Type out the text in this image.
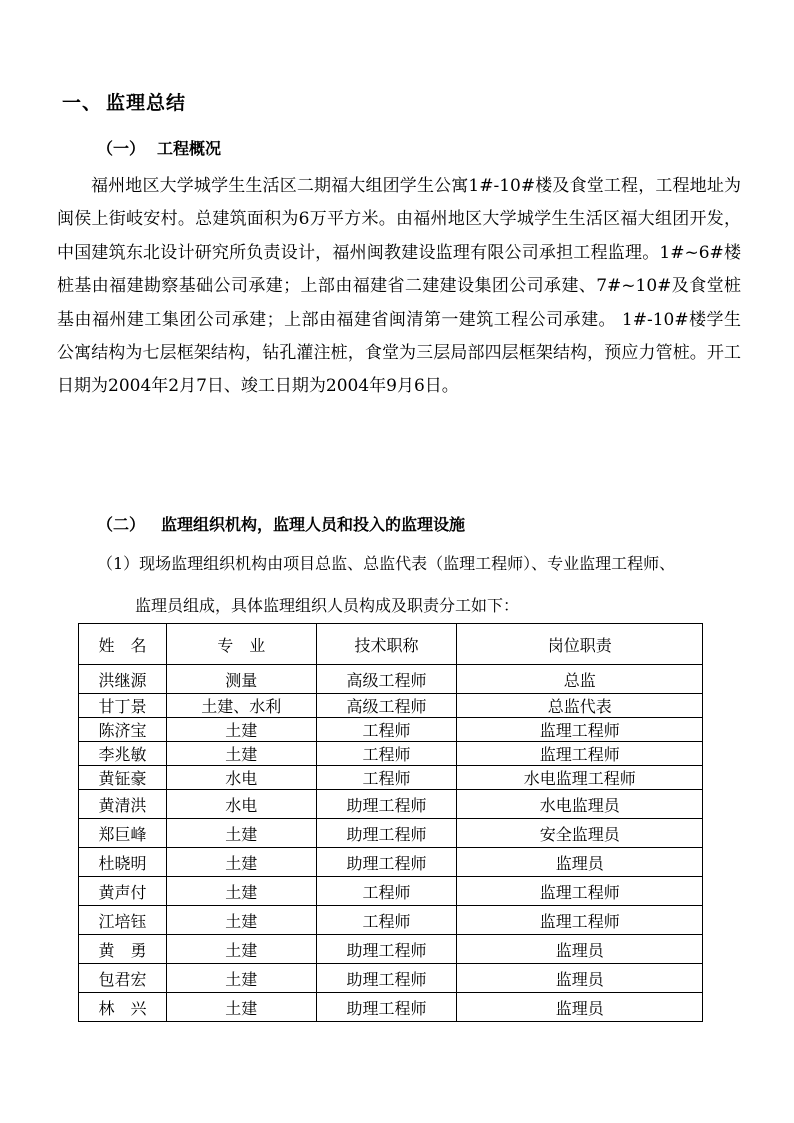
一、 监理总结
（一） 工程概况

福州地区大学城学生生活区二期福大组团学生公寓1#-10#楼及食堂工程，工程地址为闽侯上街岐安村。总建筑面积为6万平方米。由福州地区大学城学生生活区福大组团开发，中国建筑东北设计研究所负责设计，福州闽教建设监理有限公司承担工程监理。1#~6#楼桩基由福建勘察基础公司承建；上部由福建省二建建设集团公司承建、7#~10#及食堂桩基由福州建工集团公司承建；上部由福建省闽清第一建筑工程公司承建。 1#-10#楼学生公寓结构为七层框架结构，钻孔灌注桩，食堂为三层局部四层框架结构，预应力管桩。开工日期为2004年2月7日、竣工日期为2004年9月6日。

（二） 监理组织机构，监理人员和投入的监理设施
（1）现场监理组织机构由项目总监、总监代表（监理工程师）、专业监理工程师、
监理员组成，具体监理组织人员构成及职责分工如下：
姓　名	专　业	技术职称	岗位职责
洪继源	测量	高级工程师	总监
甘丁景	土建、水利	高级工程师	总监代表
陈济宝	土建	工程师	监理工程师
李兆敏	土建	工程师	监理工程师
黄钲豪	水电	工程师	水电监理工程师
黄清洪	水电	助理工程师	水电监理员
郑巨峰	土建	助理工程师	安全监理员
杜晓明	土建	助理工程师	监理员
黄声付	土建	工程师	监理工程师
江培钰	土建	工程师	监理工程师
黄　勇	土建	助理工程师	监理员
包君宏	土建	助理工程师	监理员
林　兴	土建	助理工程师	监理员
